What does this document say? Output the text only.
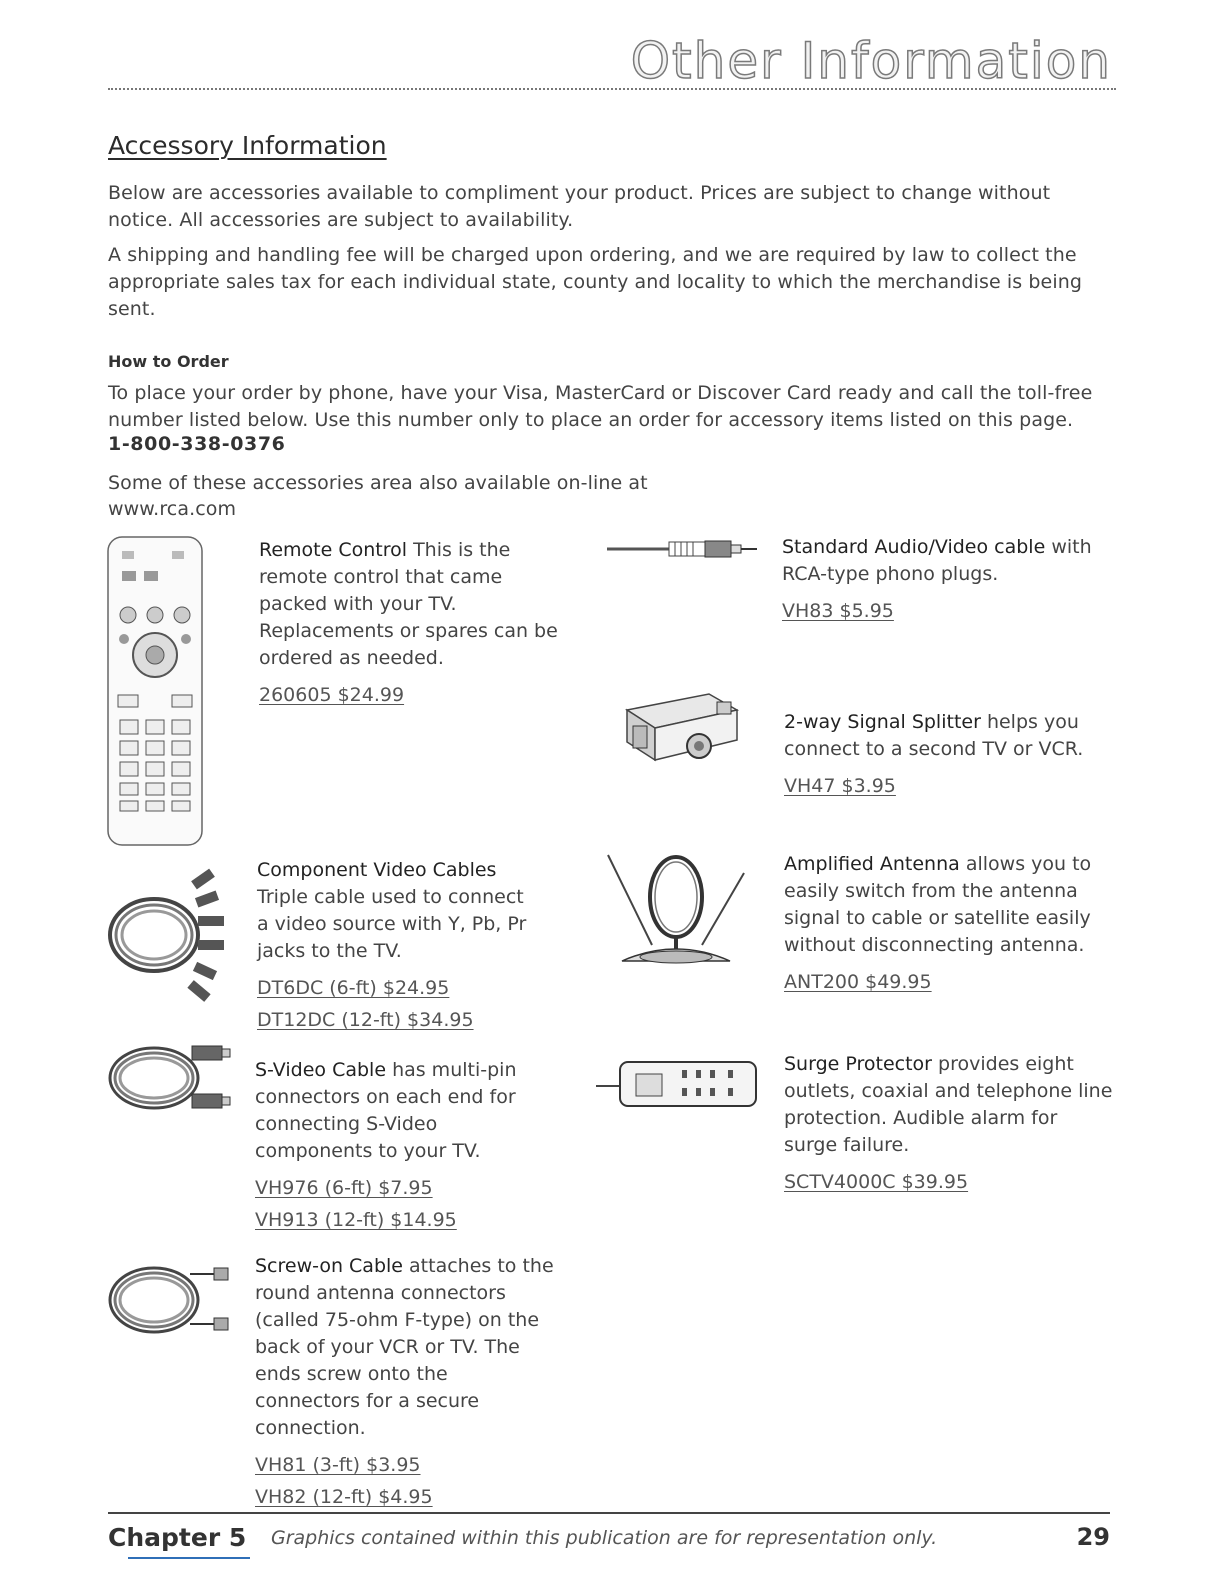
Other Information
Accessory Information
Below are accessories available to compliment your product. Prices are subject to change without notice. All accessories are subject to availability.
A shipping and handling fee will be charged upon ordering, and we are required by law to collect the appropriate sales tax for each individual state, county and locality to which the merchandise is being sent.
How to Order
To place your order by phone, have your Visa, MasterCard or Discover Card ready and call the toll-free number listed below. Use this number only to place an order for accessory items listed on this page.
1-800-338-0376
Some of these accessories area also available on-line at
www.rca.com
Remote Control This is the remote control that came packed with your TV. Replacements or spares can be ordered as needed.
260605 $24.99
Standard Audio/Video cable with RCA-type phono plugs.
VH83 $5.95
2-way Signal Splitter helps you connect to a second TV or VCR.
VH47 $3.95
Component Video Cables Triple cable used to connect a video source with Y, Pb, Pr jacks to the TV.
DT6DC (6-ft) $24.95
DT12DC (12-ft) $34.95
Amplified Antenna allows you to easily switch from the antenna signal to cable or satellite easily without disconnecting antenna.
ANT200 $49.95
S-Video Cable has multi-pin connectors on each end for connecting S-Video components to your TV.
VH976 (6-ft) $7.95
VH913 (12-ft) $14.95
Surge Protector provides eight outlets, coaxial and telephone line protection. Audible alarm for surge failure.
SCTV4000C $39.95
Screw-on Cable attaches to the round antenna connectors (called 75-ohm F-type) on the back of your VCR or TV. The ends screw onto the connectors for a secure connection.
VH81 (3-ft) $3.95
VH82 (12-ft) $4.95
Chapter 5 Graphics contained within this publication are for representation only.	29
